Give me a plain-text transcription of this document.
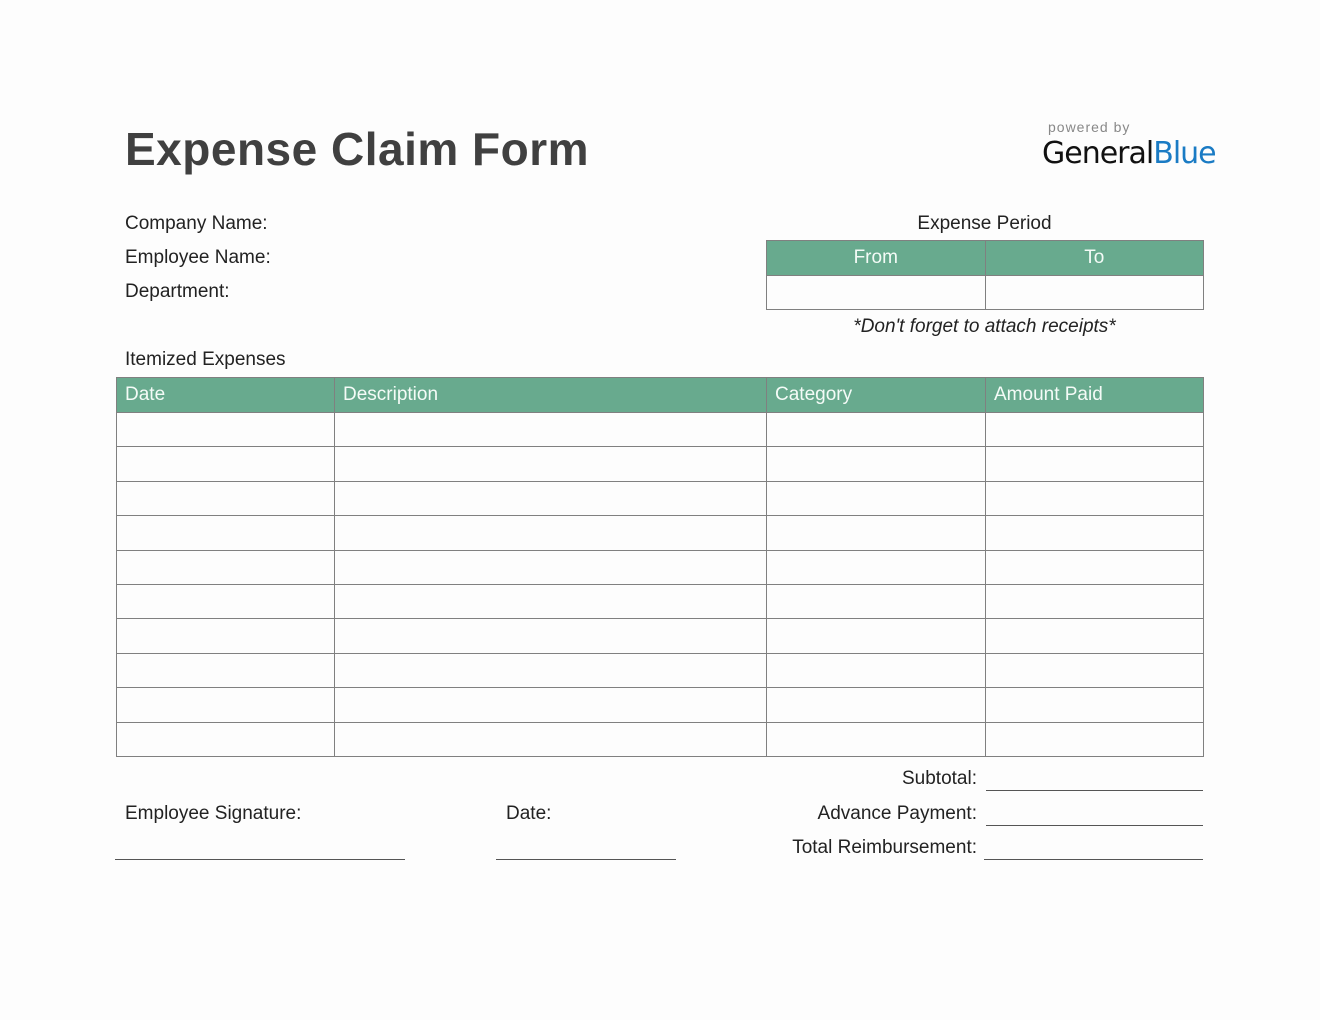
Expense Claim Form	powered by
GeneralBlue
Company Name:
Employee Name:
Department:
Expense Period
From	To

*Don't forget to attach receipts*
Itemized Expenses
Date	Description	Category	Amount Paid

Subtotal:
Advance Payment:
Total Reimbursement:
Employee Signature:	Date:
